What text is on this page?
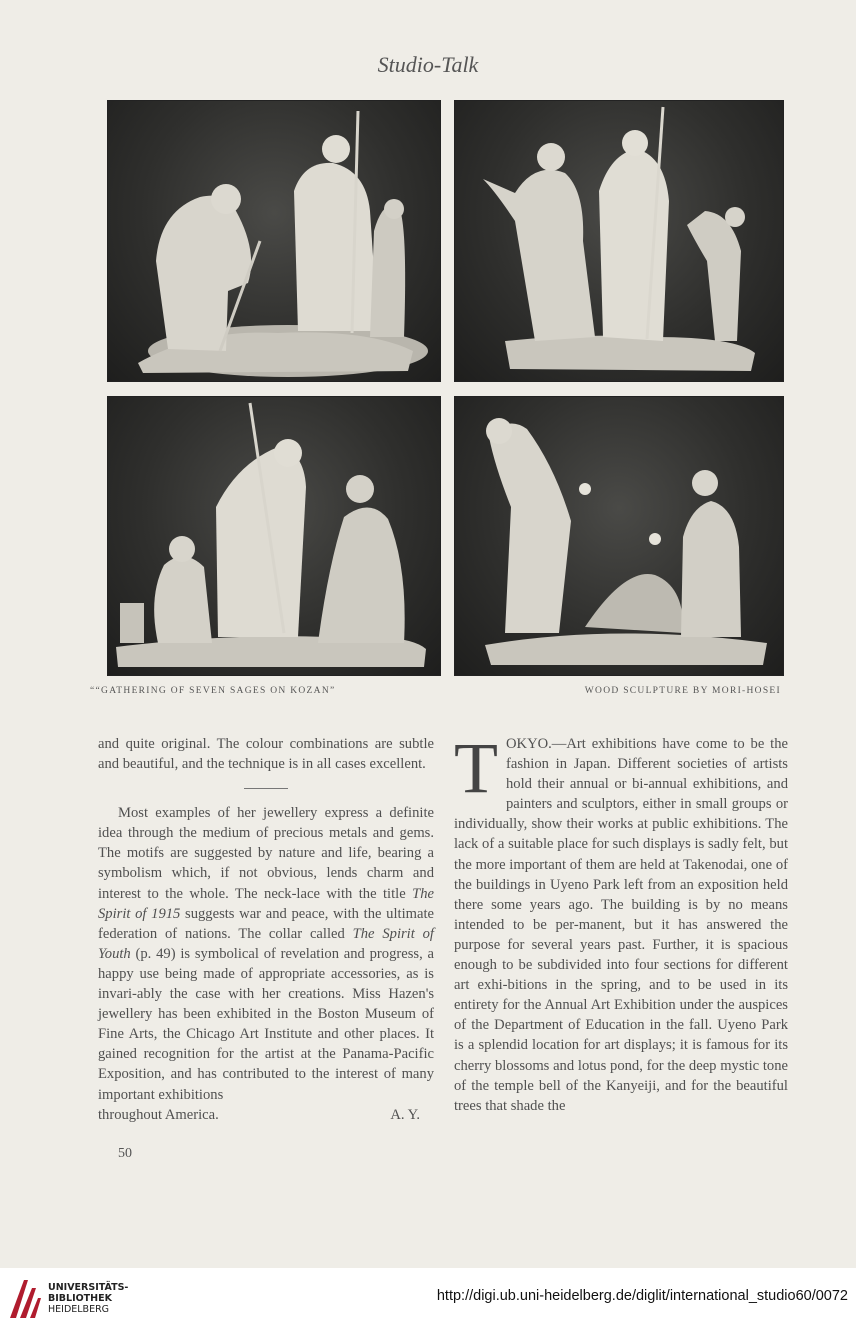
Studio-Talk
““GATHERING OF SEVEN SAGES ON KOZAN”	WOOD SCULPTURE BY MORI-HOSEI

and quite original. The colour combinations are subtle and beautiful, and the technique is in all cases excellent.

Most examples of her jewellery express a definite idea through the medium of precious metals and gems. The motifs are suggested by nature and life, bearing a symbolism which, if not obvious, lends charm and interest to the whole. The neck-lace with the title The Spirit of 1915 suggests war and peace, with the ultimate federation of nations. The collar called The Spirit of Youth (p. 49) is symbolical of revelation and progress, a happy use being made of appropriate accessories, as is invari-ably the case with her creations. Miss Hazen's jewellery has been exhibited in the Boston Museum of Fine Arts, the Chicago Art Institute and other places. It gained recognition for the artist at the Panama-Pacific Exposition, and has contributed to the interest of many important exhibitions

throughout America.	A. Y.

TOKYO.—Art exhibitions have come to be the fashion in Japan. Different societies of artists hold their annual or bi-annual exhibitions, and painters and sculptors, either in small groups or individually, show their works at public exhibitions. The lack of a suitable place for such displays is sadly felt, but the more important of them are held at Takenodai, one of the buildings in Uyeno Park left from an exposition held there some years ago. The building is by no means intended to be per-manent, but it has answered the purpose for several years past. Further, it is spacious enough to be subdivided into four sections for different art exhi-bitions in the spring, and to be used in its entirety for the Annual Art Exhibition under the auspices of the Department of Education in the fall. Uyeno Park is a splendid location for art displays; it is famous for its cherry blossoms and lotus pond, for the deep mystic tone of the temple bell of the Kanyeiji, and for the beautiful trees that shade the

50
UNIVERSITÄTS-
BIBLIOTHEK
HEIDELBERG
http://digi.ub.uni-heidelberg.de/diglit/international_studio60/0072
